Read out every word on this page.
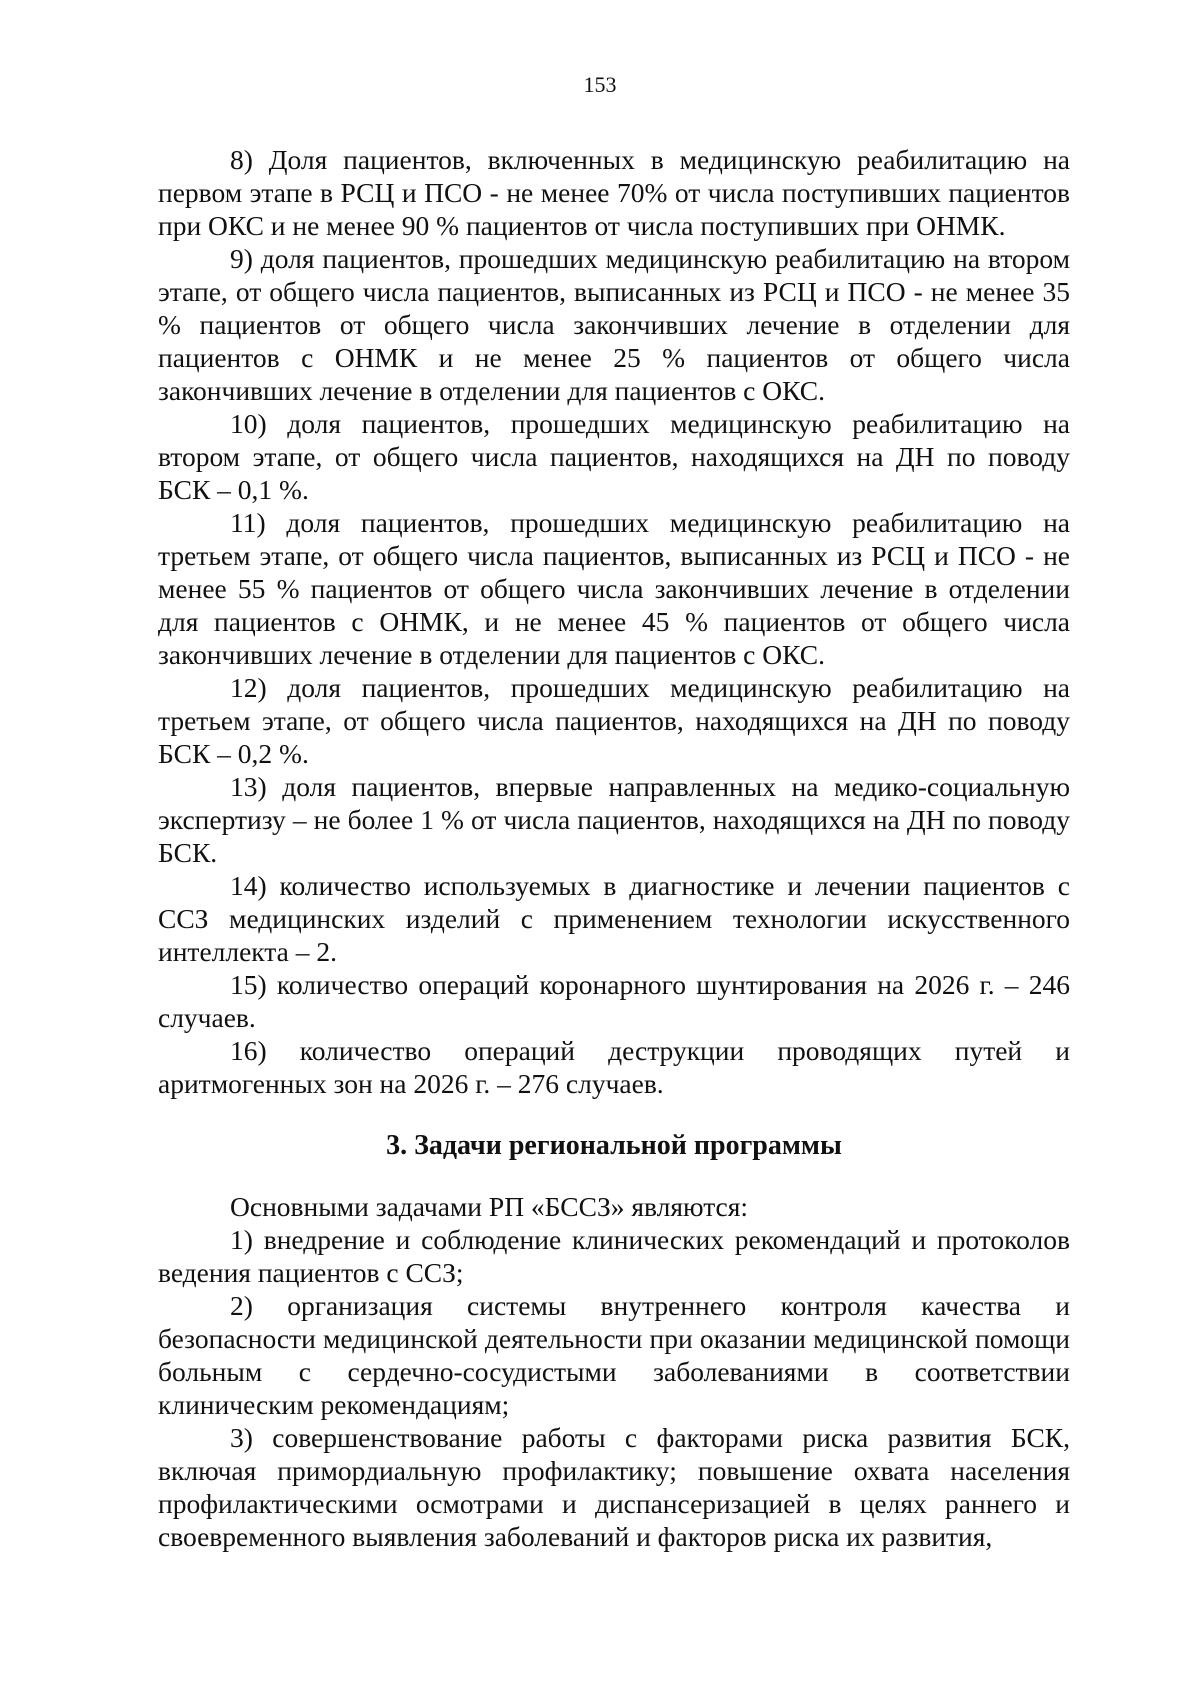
153

8) Доля пациентов, включенных в медицинскую реабилитацию на первом этапе в РСЦ и ПСО - не менее 70% от числа поступивших пациентов при ОКС и не менее 90 % пациентов от числа поступивших при ОНМК.

9) доля пациентов, прошедших медицинскую реабилитацию на втором этапе, от общего числа пациентов, выписанных из РСЦ и ПСО - не менее 35 % пациентов от общего числа закончивших лечение в отделении для пациентов с ОНМК и не менее 25 % пациентов от общего числа закончивших лечение в отделении для пациентов с ОКС.

10) доля пациентов, прошедших медицинскую реабилитацию на втором этапе, от общего числа пациентов, находящихся на ДН по поводу БСК – 0,1 %.

11) доля пациентов, прошедших медицинскую реабилитацию на третьем этапе, от общего числа пациентов, выписанных из РСЦ и ПСО - не менее 55 % пациентов от общего числа закончивших лечение в отделении для пациентов с ОНМК, и не менее 45 % пациентов от общего числа закончивших лечение в отделении для пациентов с ОКС.

12) доля пациентов, прошедших медицинскую реабилитацию на третьем этапе, от общего числа пациентов, находящихся на ДН по поводу БСК – 0,2 %.

13) доля пациентов, впервые направленных на медико-социальную экспертизу – не более 1 % от числа пациентов, находящихся на ДН по поводу БСК.

14) количество используемых в диагностике и лечении пациентов с ССЗ медицинских изделий с применением технологии искусственного интеллекта – 2.

15) количество операций коронарного шунтирования на 2026 г. – 246 случаев.

16) количество операций деструкции проводящих путей и аритмогенных зон на 2026 г. – 276 случаев.

3. Задачи региональной программы

Основными задачами РП «БССЗ» являются:

1) внедрение и соблюдение клинических рекомендаций и протоколов ведения пациентов с ССЗ;

2) организация системы внутреннего контроля качества и безопасности медицинской деятельности при оказании медицинской помощи больным с сердечно-сосудистыми заболеваниями в соответствии клиническим рекомендациям;

3) совершенствование работы с факторами риска развития БСК, включая примордиальную профилактику; повышение охвата населения профилактическими осмотрами и диспансеризацией в целях раннего и своевременного выявления заболеваний и факторов риска их развития,
